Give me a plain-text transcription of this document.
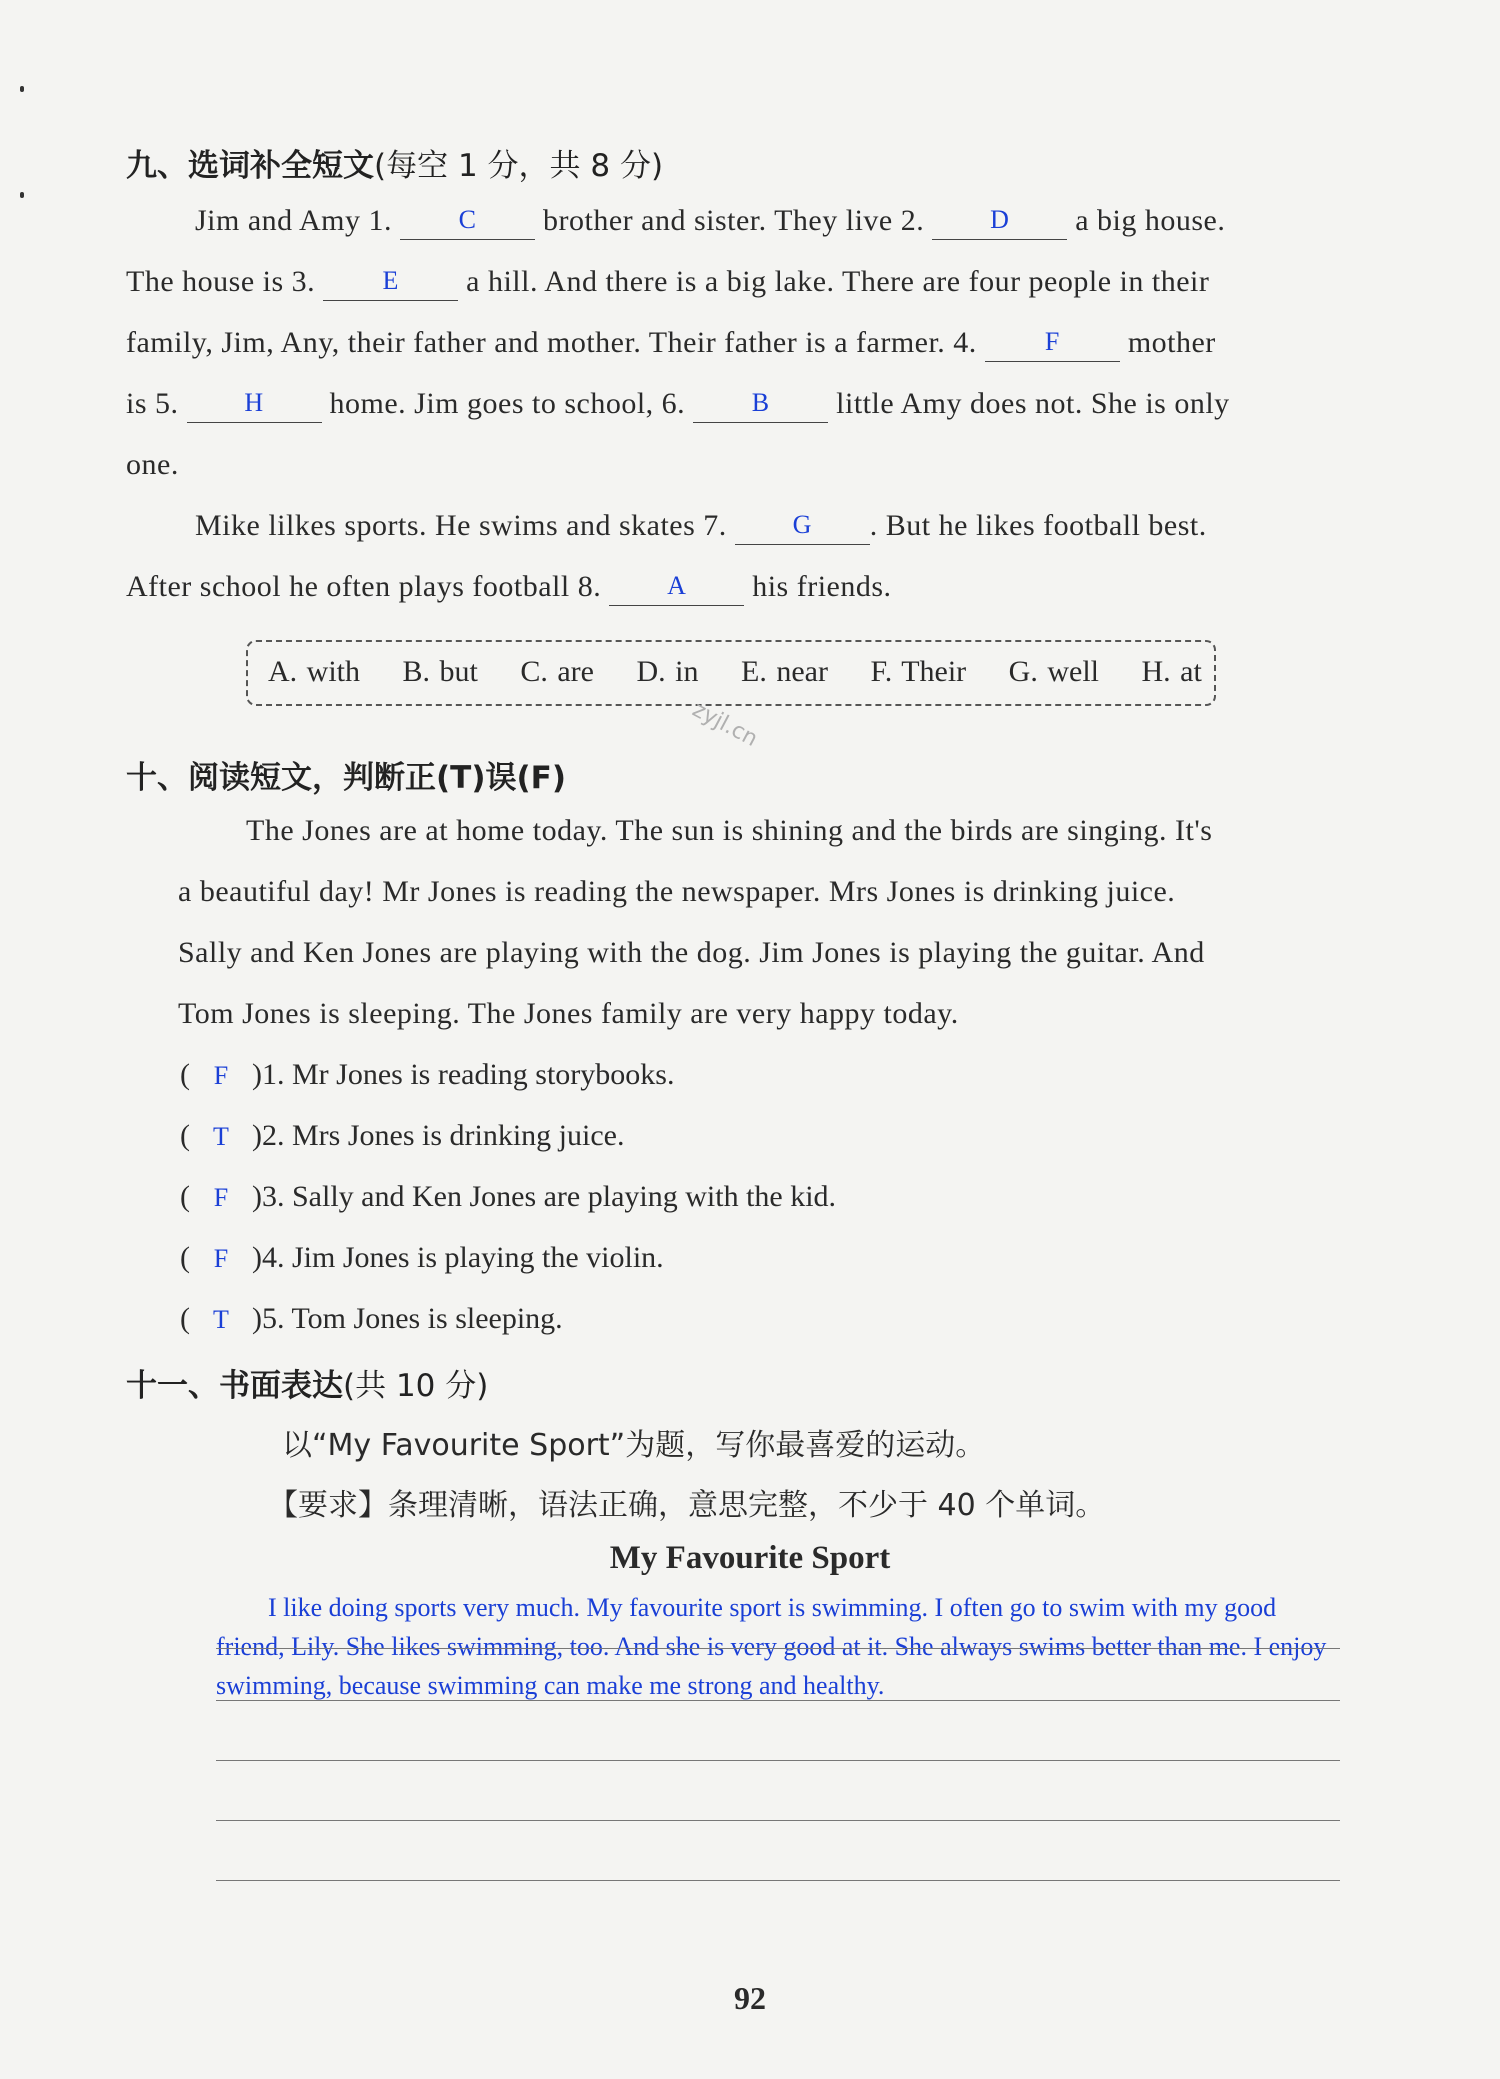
九、选词补全短文(每空 1 分，共 8 分)
Jim and Amy 1.	C brother and sister. They live 2.	D a big house.
The house is 3.	E a hill. And there is a big lake. There are four people in their
family, Jim, Any, their father and mother. Their father is a farmer. 4.	F mother
is 5.	H home. Jim goes to school, 6.	B little Amy does not. She is only
one.
Mike lilkes sports. He swims and skates 7.	G . But he likes football best.
After school he often plays football 8.	A his friends.
A. with B. but C. are D. in E. near F. Their G. well H. at
zyjl.cn
十、阅读短文，判断正(T)误(F)
The Jones are at home today. The sun is shining and the birds are singing. It's
a beautiful day! Mr Jones is reading the newspaper. Mrs Jones is drinking juice.
Sally and Ken Jones are playing with the dog. Jim Jones is playing the guitar. And
Tom Jones is sleeping. The Jones family are very happy today.
( F )1. Mr Jones is reading storybooks.
( T )2. Mrs Jones is drinking juice.
( F )3. Sally and Ken Jones are playing with the kid.
( F )4. Jim Jones is playing the violin.
( T )5. Tom Jones is sleeping.
十一、书面表达(共 10 分)
以“My Favourite Sport”为题，写你最喜爱的运动。
【要求】条理清晰，语法正确，意思完整，不少于 40 个单词。
My Favourite Sport
I like doing sports very much. My favourite sport is swimming. I often go to swim with my good friend, Lily. She likes swimming, too. And she is very good at it. She always swims better than me. I enjoy swimming, because swimming can make me strong and healthy.
92
